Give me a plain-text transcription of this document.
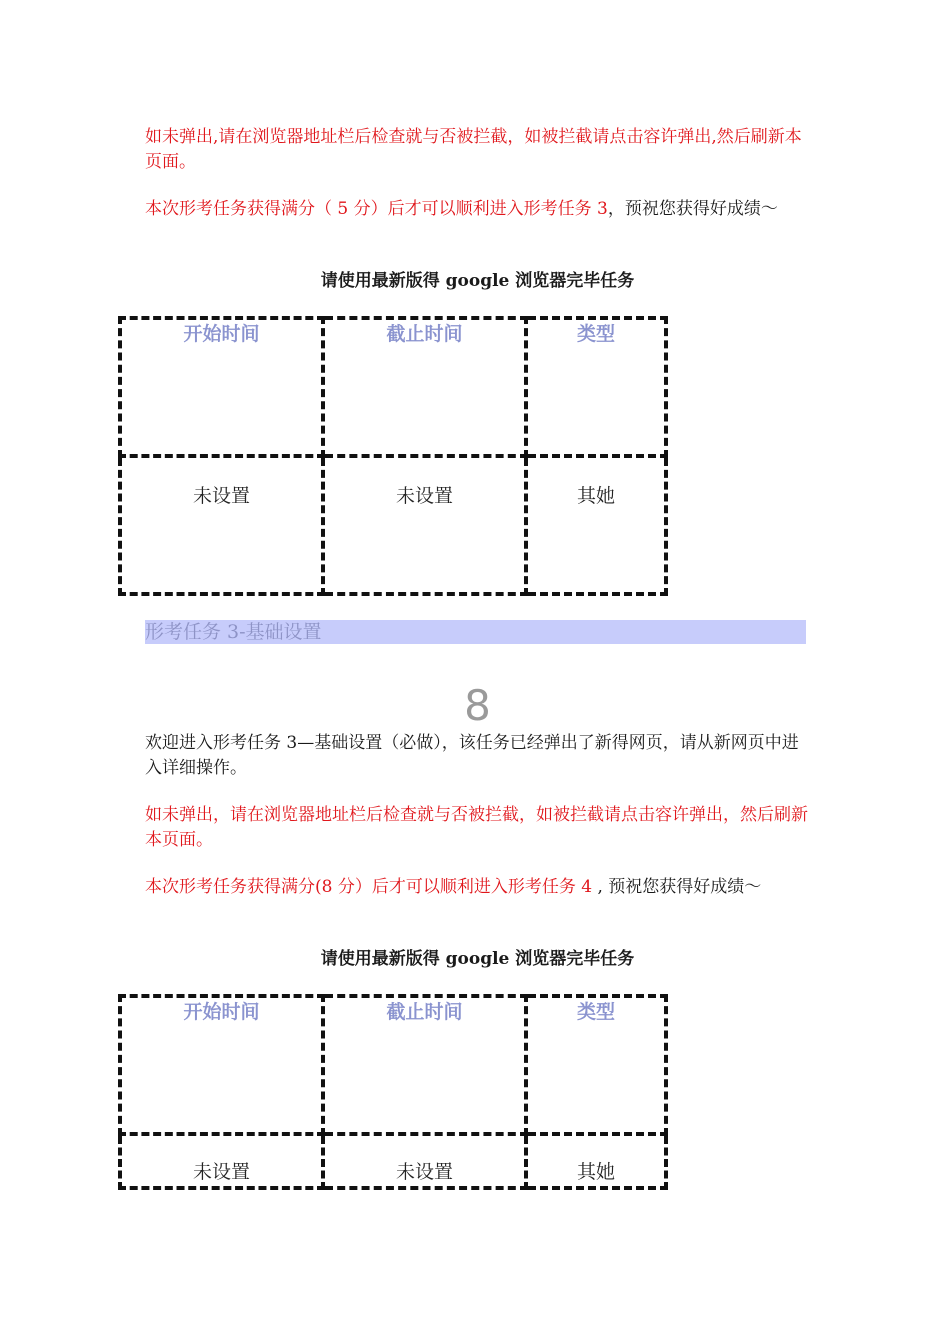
如未弹出,请在浏览器地址栏后检查就与否被拦截，如被拦截请点击容许弹出,然后刷新本页面。

本次形考任务获得满分（ 5 分）后才可以顺利进入形考任务 3，预祝您获得好成绩～

请使用最新版得 google 浏览器完毕任务
开始时间	截止时间	类型

未设置	未设置	其她
形考任务 3-基础设置
8

欢迎进入形考任务 3—基础设置（必做），该任务已经弹出了新得网页，请从新网页中进入详细操作。

如未弹出，请在浏览器地址栏后检查就与否被拦截，如被拦截请点击容许弹出，然后刷新本页面。

本次形考任务获得满分(8 分）后才可以顺利进入形考任务 4 , 预祝您获得好成绩～

请使用最新版得 google 浏览器完毕任务
开始时间	截止时间	类型

未设置	未设置	其她
